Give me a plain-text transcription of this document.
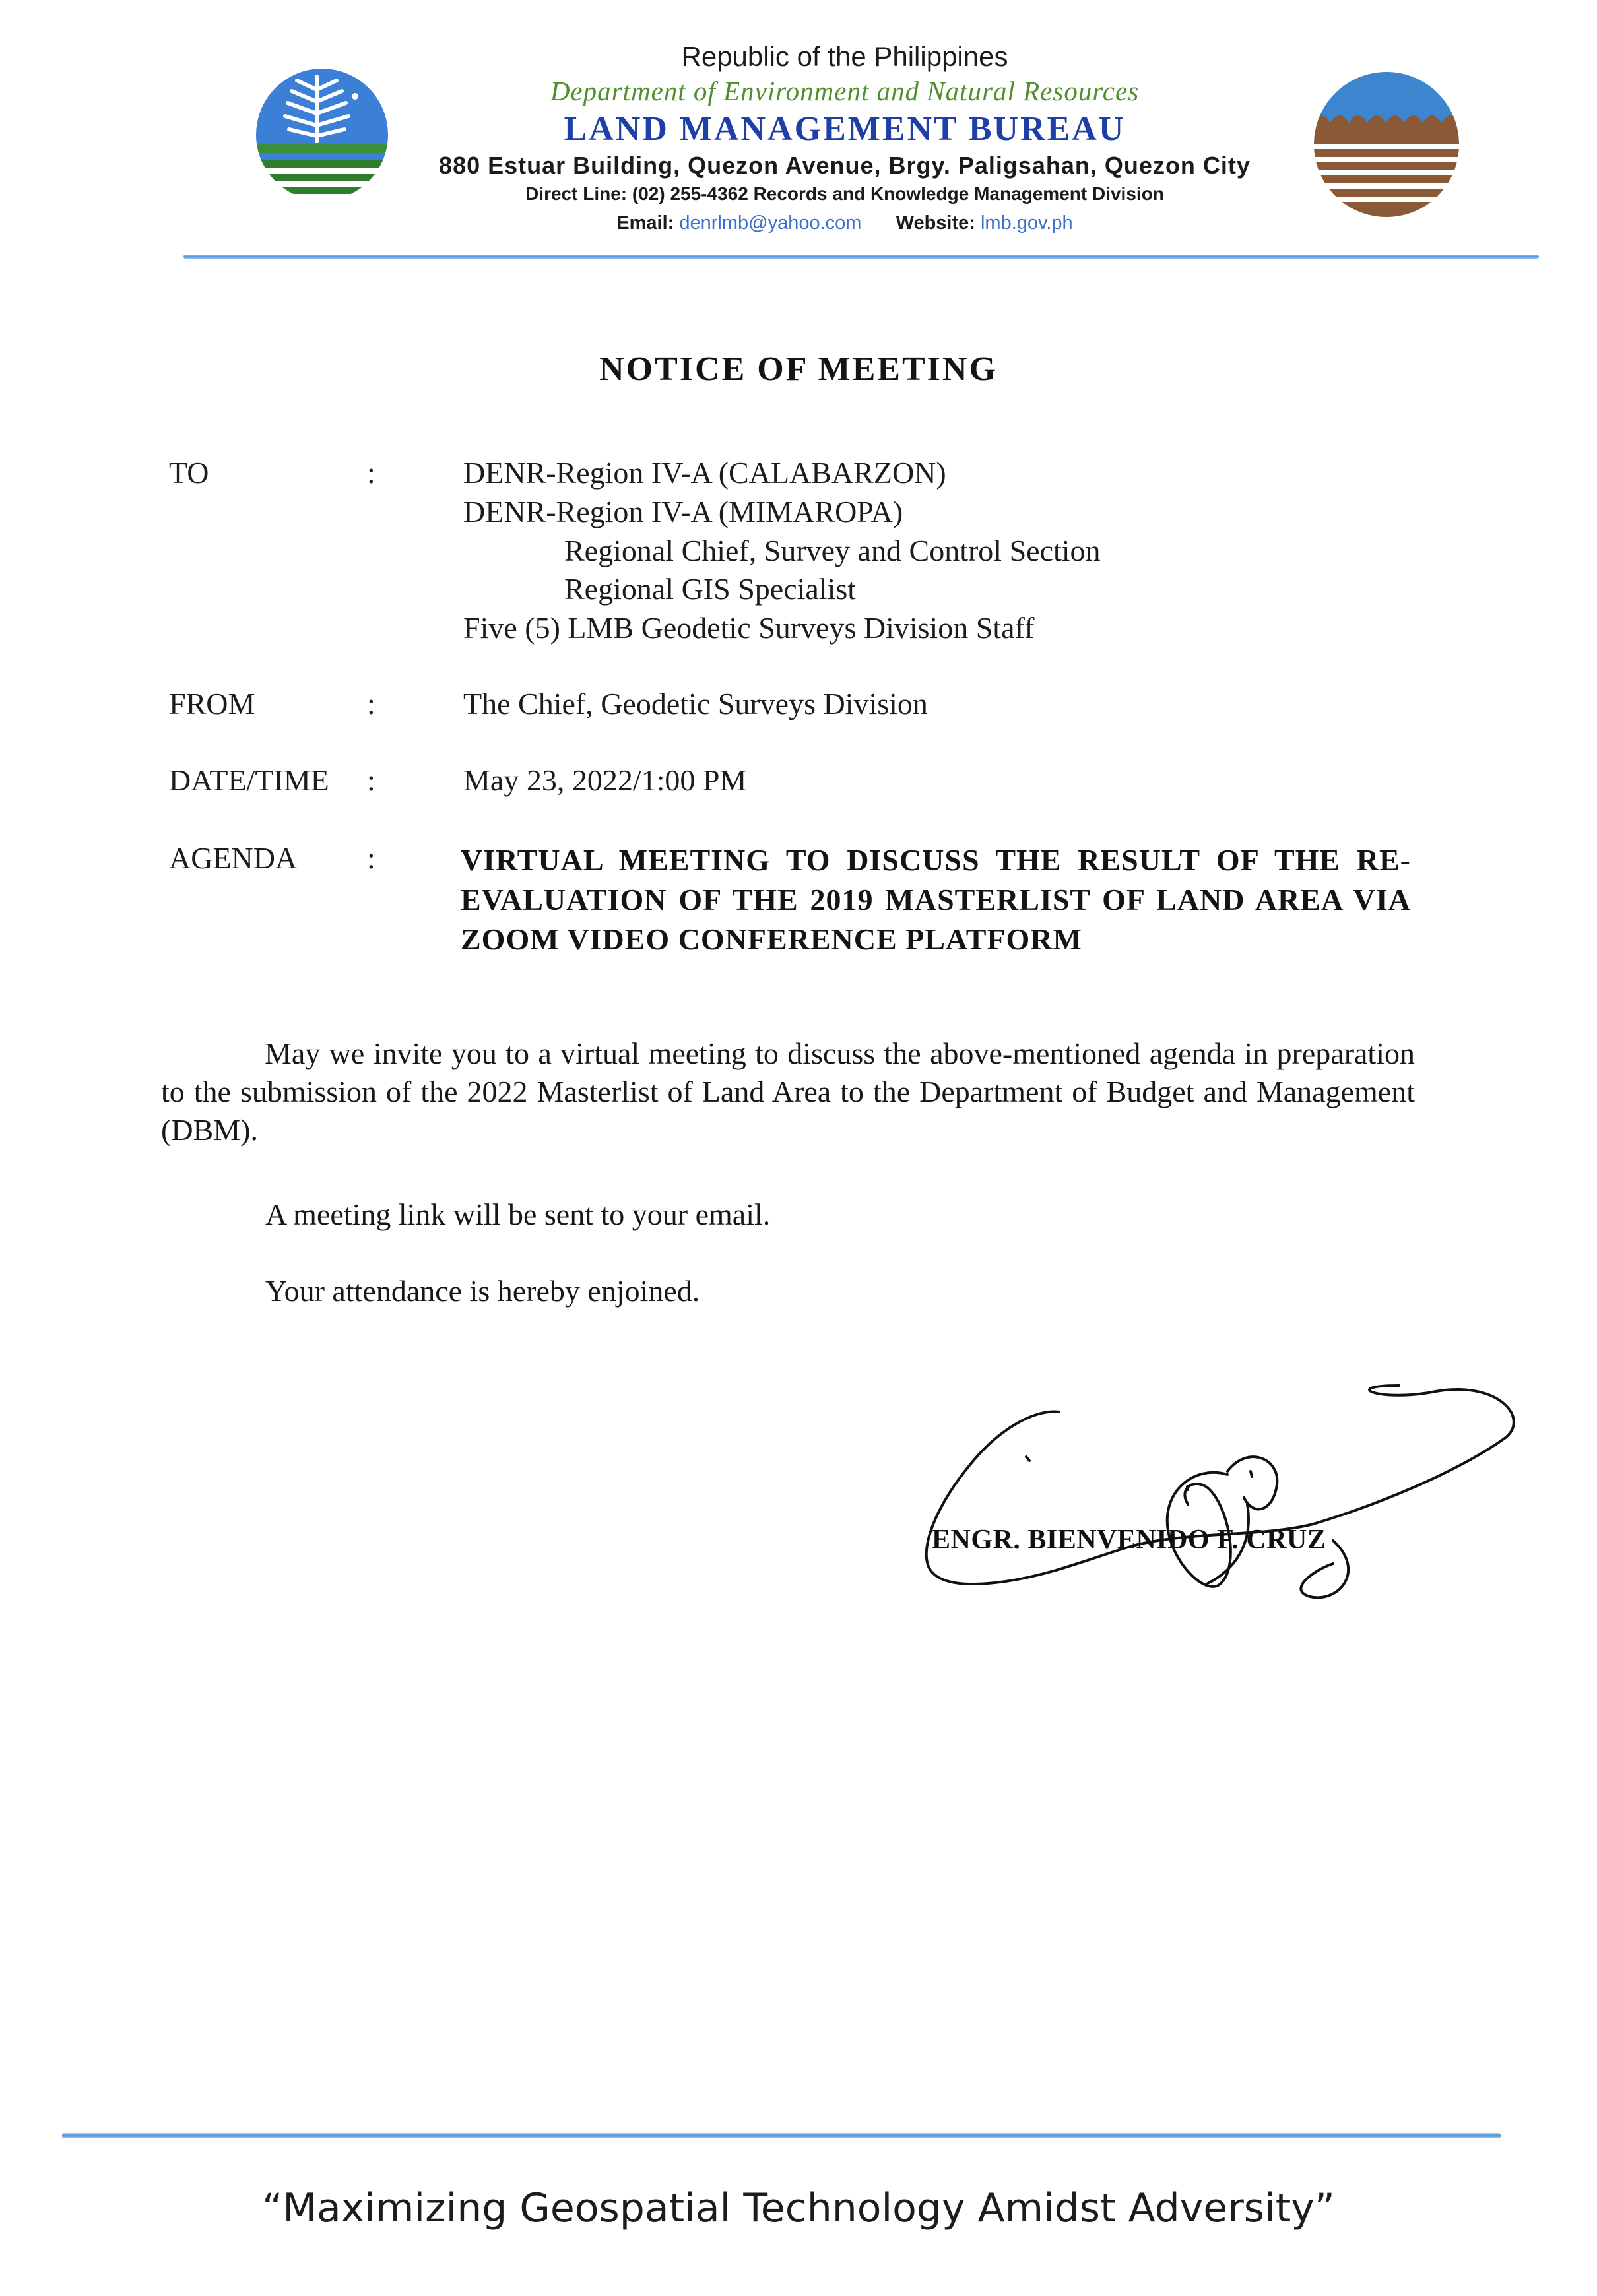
Republic of the Philippines
Department of Environment and Natural Resources
LAND MANAGEMENT BUREAU
880 Estuar Building, Quezon Avenue, Brgy. Paligsahan, Quezon City
Direct Line: (02) 255-4362 Records and Knowledge Management Division
Email: denrlmb@yahoo.com Website: lmb.gov.ph
NOTICE OF MEETING
TO	:	DENR-Region IV-A (CALABARZON)
DENR-Region IV-A (MIMAROPA)
Regional Chief, Survey and Control Section
Regional GIS Specialist
Five (5) LMB Geodetic Surveys Division Staff
FROM	:	The Chief, Geodetic Surveys Division
DATE/TIME :	May 23, 2022/1:00 PM
AGENDA :	VIRTUAL MEETING TO DISCUSS THE RESULT OF THE RE-EVALUATION OF THE 2019 MASTERLIST OF LAND AREA VIA ZOOM VIDEO CONFERENCE PLATFORM
May we invite you to a virtual meeting to discuss the above-mentioned agenda in preparation to the submission of the 2022 Masterlist of Land Area to the Department of Budget and Management (DBM).
A meeting link will be sent to your email.
Your attendance is hereby enjoined.
ENGR. BIENVENIDO F. CRUZ
“Maximizing Geospatial Technology Amidst Adversity”
